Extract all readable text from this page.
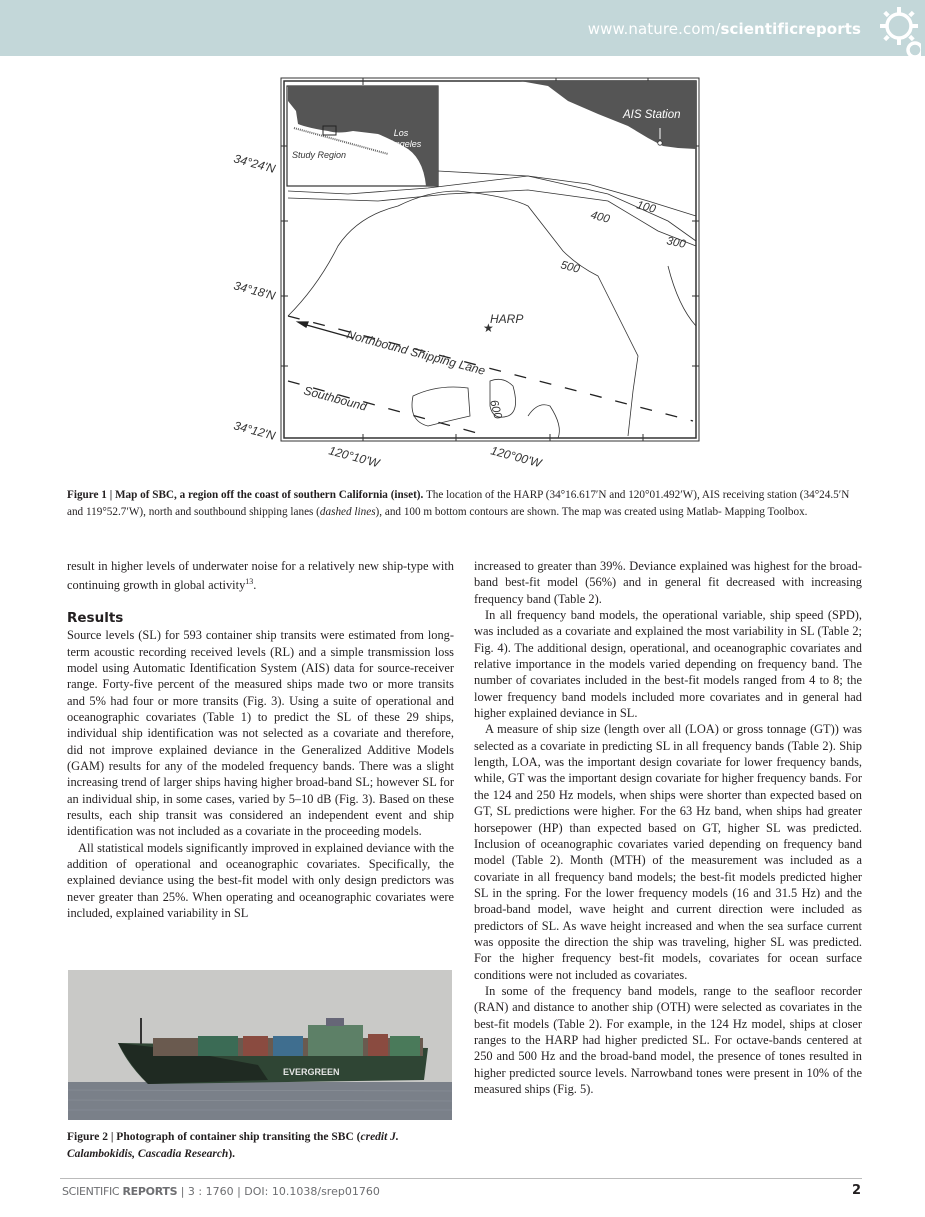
www.nature.com/scientificreports
AIS Station
100
400
300
500
600
Los
Angeles
Study Region
Northbound Shipping Lane
Southbound
★
HARP
34°24'N
34°18'N
34°12'N
120°10'W	120°00'W
Figure 1 | Map of SBC, a region off the coast of southern California (inset). The location of the HARP (34°16.617′N and 120°01.492′W), AIS receiving station (34°24.5′N and 119°52.7′W), north and southbound shipping lanes (dashed lines), and 100 m bottom contours are shown. The map was created using Matlab- Mapping Toolbox.

result in higher levels of underwater noise for a relatively new ship-type with continuing growth in global activity$^{13}$.

Results

Source levels (SL) for 593 container ship transits were estimated from long-term acoustic recording received levels (RL) and a simple transmission loss model using Automatic Identification System (AIS) data for source-receiver range. Forty-five percent of the measured ships made two or more transits and 5% had four or more transits (Fig. 3). Using a suite of operational and oceanographic covariates (Table 1) to predict the SL of these 29 ships, individual ship identification was not selected as a covariate and therefore, did not improve explained deviance in the Generalized Additive Models (GAM) results for any of the modeled frequency bands. There was a slight increasing trend of larger ships having higher broad-band SL; however SL for an individual ship, in some cases, varied by 5–10 dB (Fig. 3). Based on these results, each ship transit was considered an independent event and ship identification was not included as a covariate in the proceeding models.

All statistical models significantly improved in explained deviance with the addition of operational and oceanographic covariates. Specifically, the explained deviance using the best-fit model with only design predictors was never greater than 25%. When operating and oceanographic covariates were included, explained variability in SL

EVERGREEN
Figure 2 | Photograph of container ship transiting the SBC (credit J. Calambokidis, Cascadia Research).

increased to greater than 39%. Deviance explained was highest for the broad-band best-fit model (56%) and in general fit decreased with increasing frequency band (Table 2).

In all frequency band models, the operational variable, ship speed (SPD), was included as a covariate and explained the most variability in SL (Table 2; Fig. 4). The additional design, operational, and oceanographic covariates and relative importance in the models varied depending on frequency band. The number of covariates included in the best-fit models ranged from 4 to 8; the lower frequency band models included more covariates and in general had higher explained deviance in SL.

A measure of ship size (length over all (LOA) or gross tonnage (GT)) was selected as a covariate in predicting SL in all frequency bands (Table 2). Ship length, LOA, was the important design covariate for lower frequency bands, while, GT was the important design covariate for higher frequency bands. For the 124 and 250 Hz models, when ships were shorter than expected based on GT, SL predictions were higher. For the 63 Hz band, when ships had greater horsepower (HP) than expected based on GT, higher SL was predicted. Inclusion of oceanographic covariates varied depending on frequency band model (Table 2). Month (MTH) of the measurement was included as a covariate in all frequency band models; the best-fit models predicted higher SL in the spring. For the lower frequency models (16 and 31.5 Hz) and the broad-band model, wave height and current direction were included as predictors of SL. As wave height increased and when the sea surface current was opposite the direction the ship was traveling, higher SL was predicted. For the higher frequency best-fit models, covariates for ocean surface conditions were not included as covariates.

In some of the frequency band models, range to the seafloor recorder (RAN) and distance to another ship (OTH) were selected as covariates in the best-fit models (Table 2). For example, in the 124 Hz model, ships at closer ranges to the HARP had higher predicted SL. For octave-bands centered at 250 and 500 Hz and the broad-band model, the presence of tones resulted in higher predicted source levels. Narrowband tones were present in 10% of the measured ships (Fig. 5).

SCIENTIFIC REPORTS | 3 : 1760 | DOI: 10.1038/srep01760	2
